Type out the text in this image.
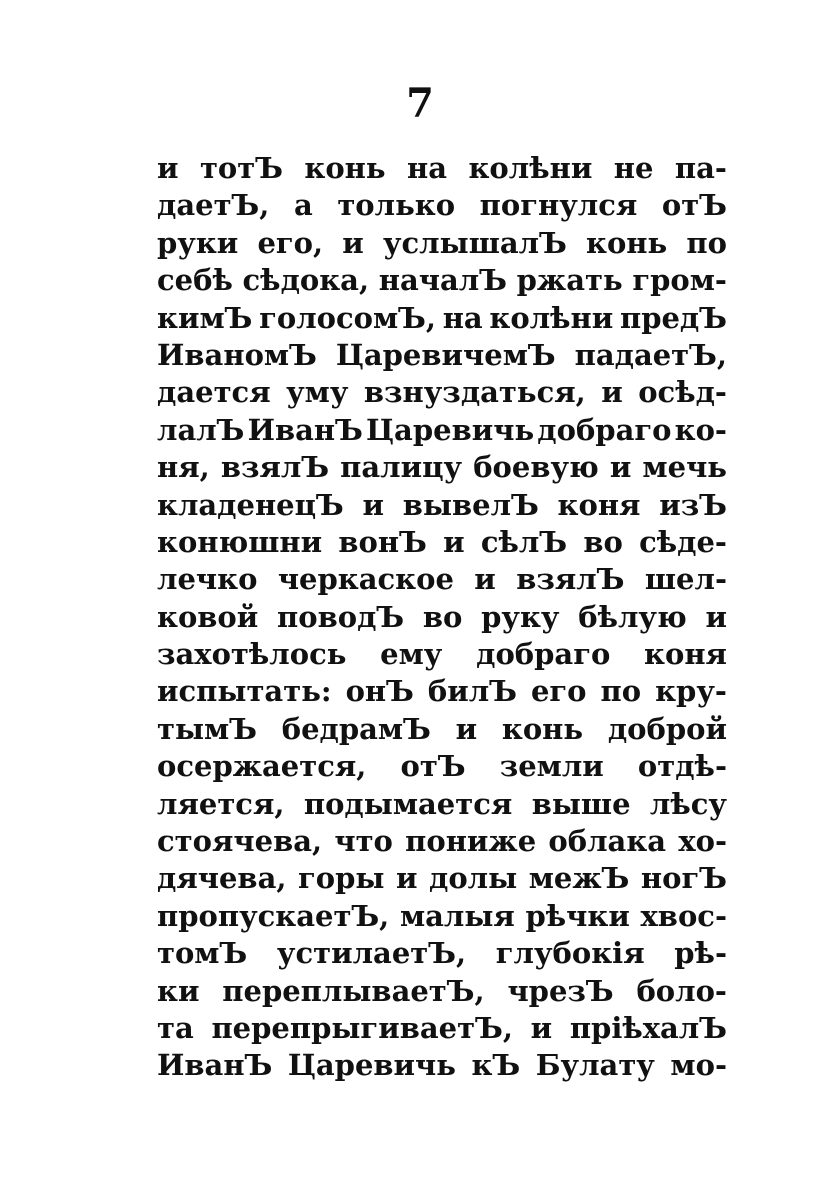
7
и тотЪ конь на колѣни не па-
даетЪ, а только погнулся отЪ
руки его, и услышалЪ конь по
себѣ сѣдока, началЪ ржать гром-
кимЪ голосомЪ, на колѣни предЪ
ИваномЪ ЦаревичемЪ падаетЪ,
дается уму взнуздаться, и осѣд-
лалЪ ИванЪ Царевичь добраго ко-
ня, взялЪ палицу боевую и мечь
кладенецЪ и вывелЪ коня изЪ
конюшни вонЪ и сѣлЪ во сѣде-
лечко черкаское и взялЪ шел-
ковой поводЪ во руку бѣлую и
захотѣлось ему добраго коня
испытать: онЪ билЪ его по кру-
тымЪ бедрамЪ и конь доброй
осержается, отЪ земли отдѣ-
ляется, подымается выше лѣсу
стоячева, что пониже облака хо-
дячева, горы и долы межЪ ногЪ
пропускаетЪ, малыя рѣчки хвос-
томЪ устилаетЪ, глубокія рѣ-
ки переплываетЪ, чрезЪ боло-
та перепрыгиваетЪ, и пріѣхалЪ
ИванЪ Царевичь кЪ Булату мо-
